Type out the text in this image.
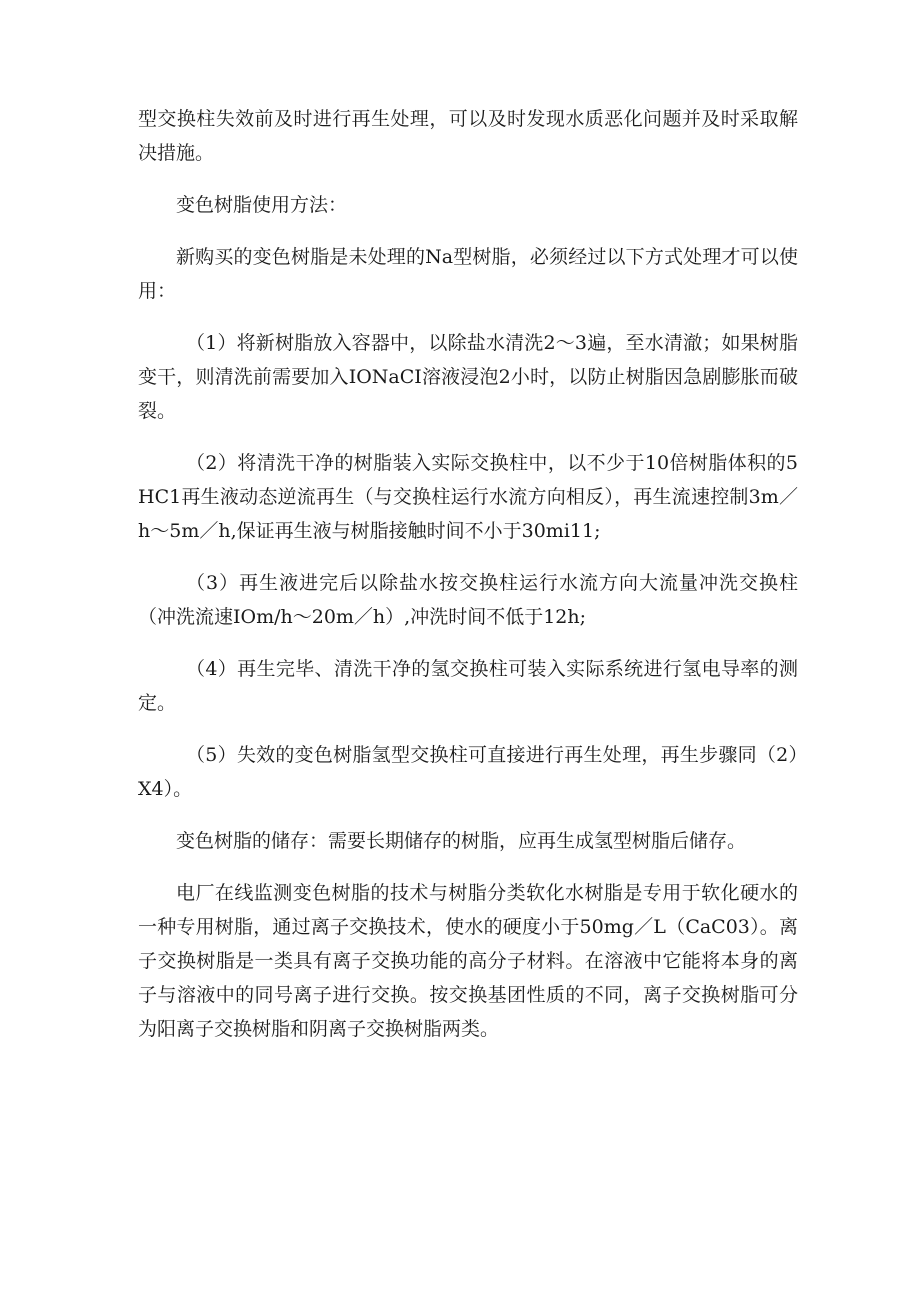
型交换柱失效前及时进行再生处理，可以及时发现水质恶化问题并及时采取解决措施。

变色树脂使用方法：

新购买的变色树脂是未处理的Na型树脂，必须经过以下方式处理才可以使用：

（1）将新树脂放入容器中，以除盐水清洗2～3遍，至水清澈；如果树脂变干，则清洗前需要加入IONaCI溶液浸泡2小时，以防止树脂因急剧膨胀而破裂。

（2）将清洗干净的树脂装入实际交换柱中，以不少于10倍树脂体积的5HC1再生液动态逆流再生（与交换柱运行水流方向相反），再生流速控制3m／h～5m／h,保证再生液与树脂接触时间不小于30mi11;

（3）再生液进完后以除盐水按交换柱运行水流方向大流量冲洗交换柱（冲洗流速IOm/h～20m／h）,冲洗时间不低于12h;

（4）再生完毕、清洗干净的氢交换柱可装入实际系统进行氢电导率的测定。

（5）失效的变色树脂氢型交换柱可直接进行再生处理，再生步骤同（2）X4）。

变色树脂的储存：需要长期储存的树脂，应再生成氢型树脂后储存。

电厂在线监测变色树脂的技术与树脂分类软化水树脂是专用于软化硬水的一种专用树脂，通过离子交换技术，使水的硬度小于50mg／L（CaC03）。离子交换树脂是一类具有离子交换功能的高分子材料。在溶液中它能将本身的离子与溶液中的同号离子进行交换。按交换基团性质的不同，离子交换树脂可分为阳离子交换树脂和阴离子交换树脂两类。
